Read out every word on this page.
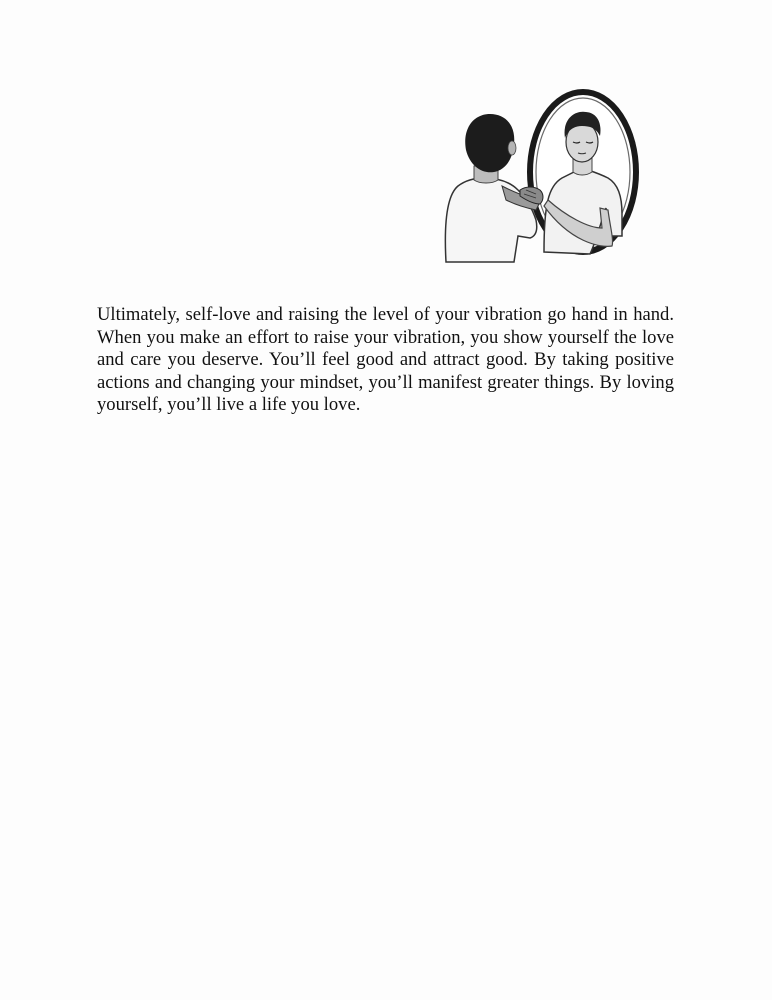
Ultimately, self-love and raising the level of your vibration go hand in hand. When you make an effort to raise your vibration, you show yourself the love and care you deserve. You’ll feel good and attract good. By taking positive actions and changing your mindset, you’ll manifest greater things. By loving yourself, you’ll live a life you love.
